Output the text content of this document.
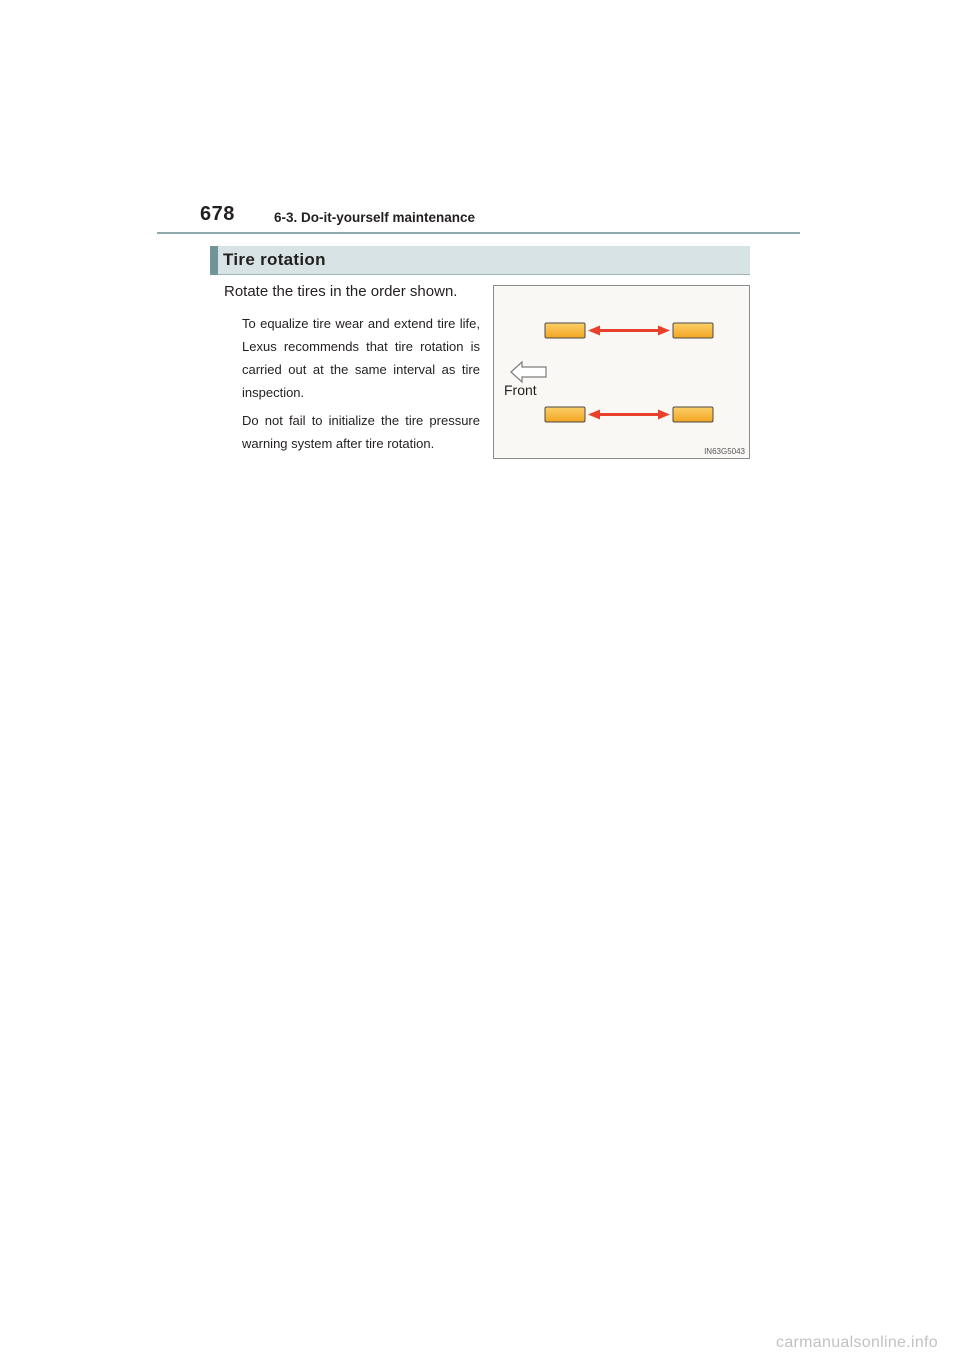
678	6-3. Do-it-yourself maintenance
Tire rotation
Rotate the tires in the order shown.
To equalize tire wear and extend tire life, Lexus recommends that tire rotation is carried out at the same interval as tire inspection.
Do not fail to initialize the tire pressure warning system after tire rotation.
Front
IN63G5043
carmanualsonline.info
